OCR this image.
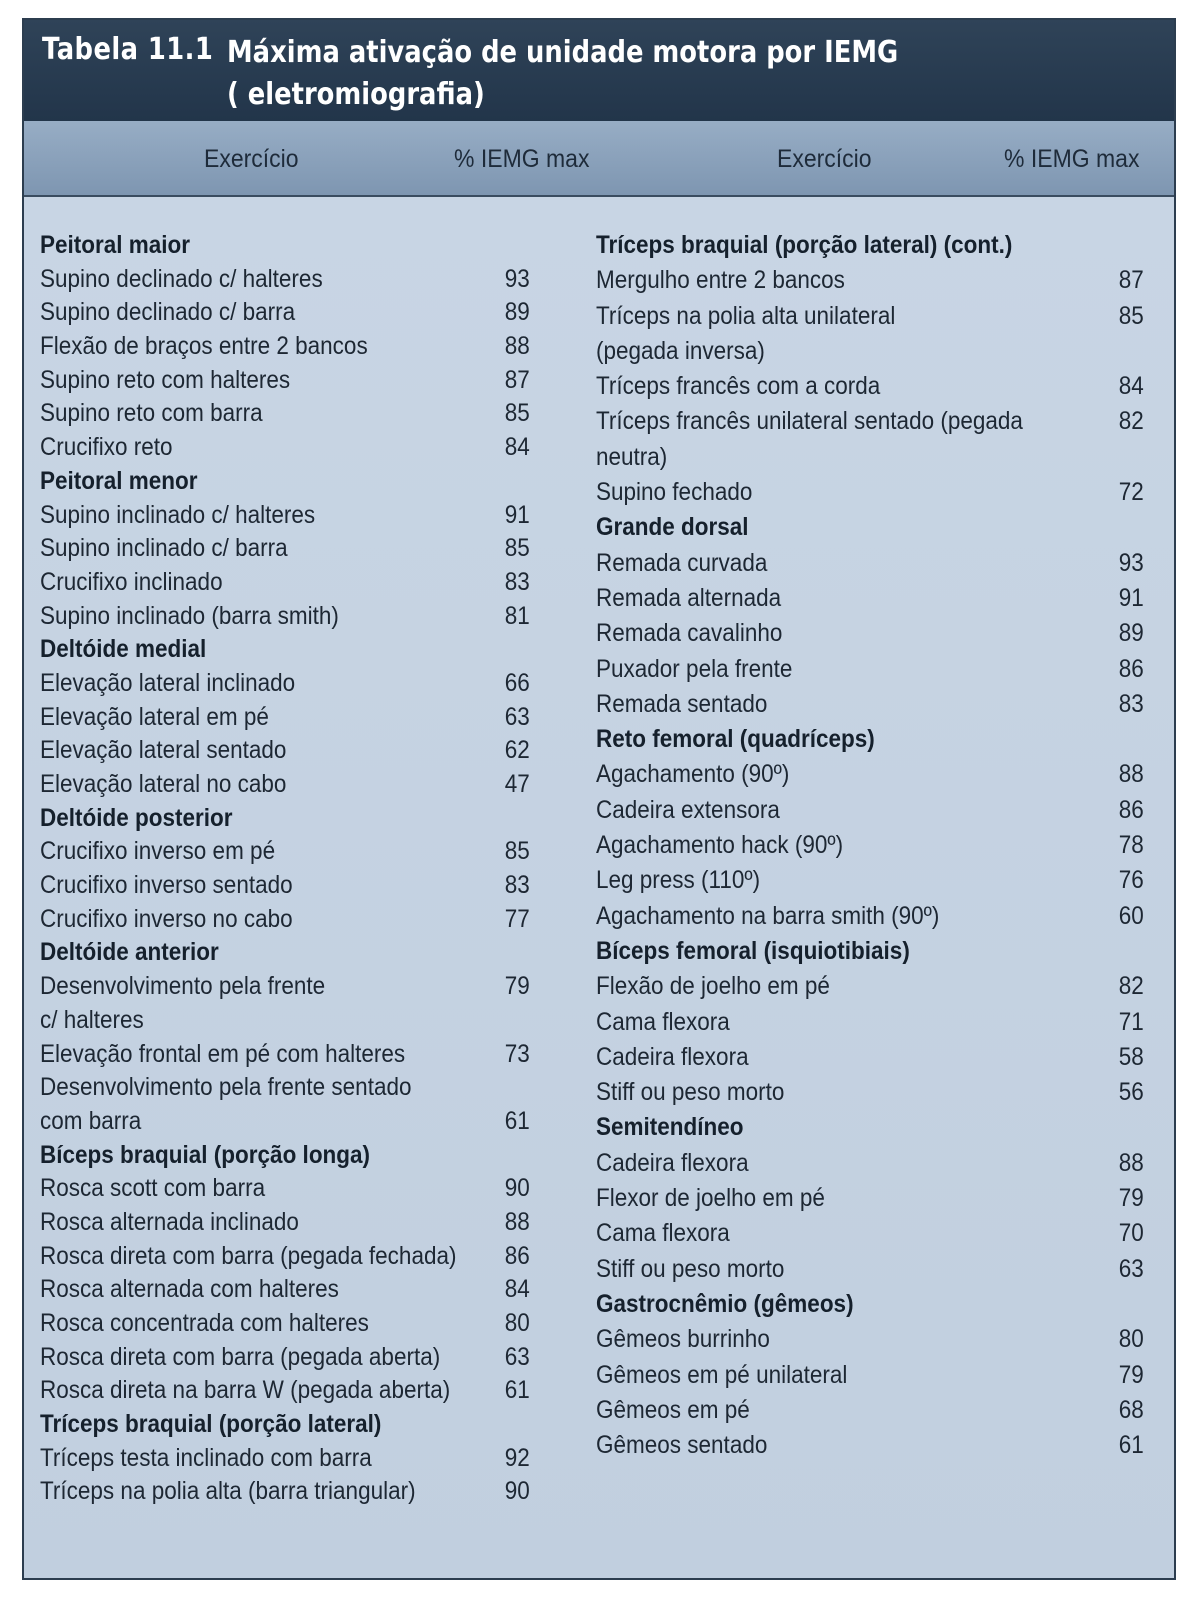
Tabela 11.1 Máxima ativação de unidade motora por IEMG
( eletromiografia)
Exercício	% IEMG max	Exercício	% IEMG max
Peitoral maior
Supino declinado c/ halteres	93
Supino declinado c/ barra	89
Flexão de braços entre 2 bancos	88
Supino reto com halteres	87
Supino reto com barra	85
Crucifixo reto	84
Peitoral menor
Supino inclinado c/ halteres	91
Supino inclinado c/ barra	85
Crucifixo inclinado	83
Supino inclinado (barra smith)	81
Deltóide medial
Elevação lateral inclinado	66
Elevação lateral em pé	63
Elevação lateral sentado	62
Elevação lateral no cabo	47
Deltóide posterior
Crucifixo inverso em pé	85
Crucifixo inverso sentado	83
Crucifixo inverso no cabo	77
Deltóide anterior
Desenvolvimento pela frente	79
c/ halteres
Elevação frontal em pé com halteres	73
Desenvolvimento pela frente sentado
com barra	61
Bíceps braquial (porção longa)
Rosca scott com barra	90
Rosca alternada inclinado	88
Rosca direta com barra (pegada fechada) 86
Rosca alternada com halteres	84
Rosca concentrada com halteres	80
Rosca direta com barra (pegada aberta)	63
Rosca direta na barra W (pegada aberta) 61
Tríceps braquial (porção lateral)
Tríceps testa inclinado com barra	92
Tríceps na polia alta (barra triangular)	90
Tríceps braquial (porção lateral) (cont.)
Mergulho entre 2 bancos	87
Tríceps na polia alta unilateral	85
(pegada inversa)
Tríceps francês com a corda	84
Tríceps francês unilateral sentado (pegada	82
neutra)
Supino fechado	72
Grande dorsal
Remada curvada	93
Remada alternada	91
Remada cavalinho	89
Puxador pela frente	86
Remada sentado	83
Reto femoral (quadríceps)
Agachamento (90º)	88
Cadeira extensora	86
Agachamento hack (90º)	78
Leg press (110º)	76
Agachamento na barra smith (90º)	60
Bíceps femoral (isquiotibiais)
Flexão de joelho em pé	82
Cama flexora	71
Cadeira flexora	58
Stiff ou peso morto	56
Semitendíneo
Cadeira flexora	88
Flexor de joelho em pé	79
Cama flexora	70
Stiff ou peso morto	63
Gastrocnêmio (gêmeos)
Gêmeos burrinho	80
Gêmeos em pé unilateral	79
Gêmeos em pé	68
Gêmeos sentado	61
